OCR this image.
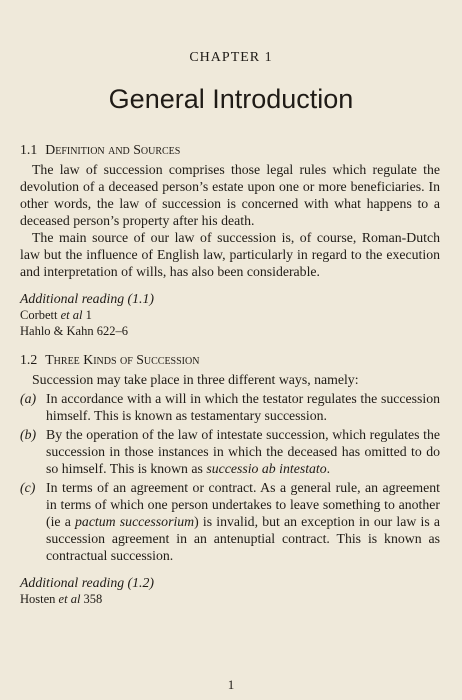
CHAPTER 1
General Introduction
1.1 Definition and Sources

The law of succession comprises those legal rules which regulate the devolution of a deceased person’s estate upon one or more beneficiaries. In other words, the law of succession is concerned with what happens to a deceased person’s property after his death.

The main source of our law of succession is, of course, Roman-Dutch law but the influence of English law, particularly in regard to the execution and interpretation of wills, has also been considerable.

Additional reading (1.1)
Corbett et al 1
Hahlo & Kahn 622–6
1.2 Three Kinds of Succession

Succession may take place in three different ways, namely:

(a) In accordance with a will in which the testator regulates the succession himself. This is known as testamentary succession.
(b) By the operation of the law of intestate succession, which regulates the succession in those instances in which the deceased has omitted to do so himself. This is known as successio ab intestato.
(c) In terms of an agreement or contract. As a general rule, an agreement in terms of which one person undertakes to leave something to another (ie a pactum successorium) is invalid, but an exception in our law is a succession agreement in an antenuptial contract. This is known as contractual succession.
Additional reading (1.2)
Hosten et al 358
1
